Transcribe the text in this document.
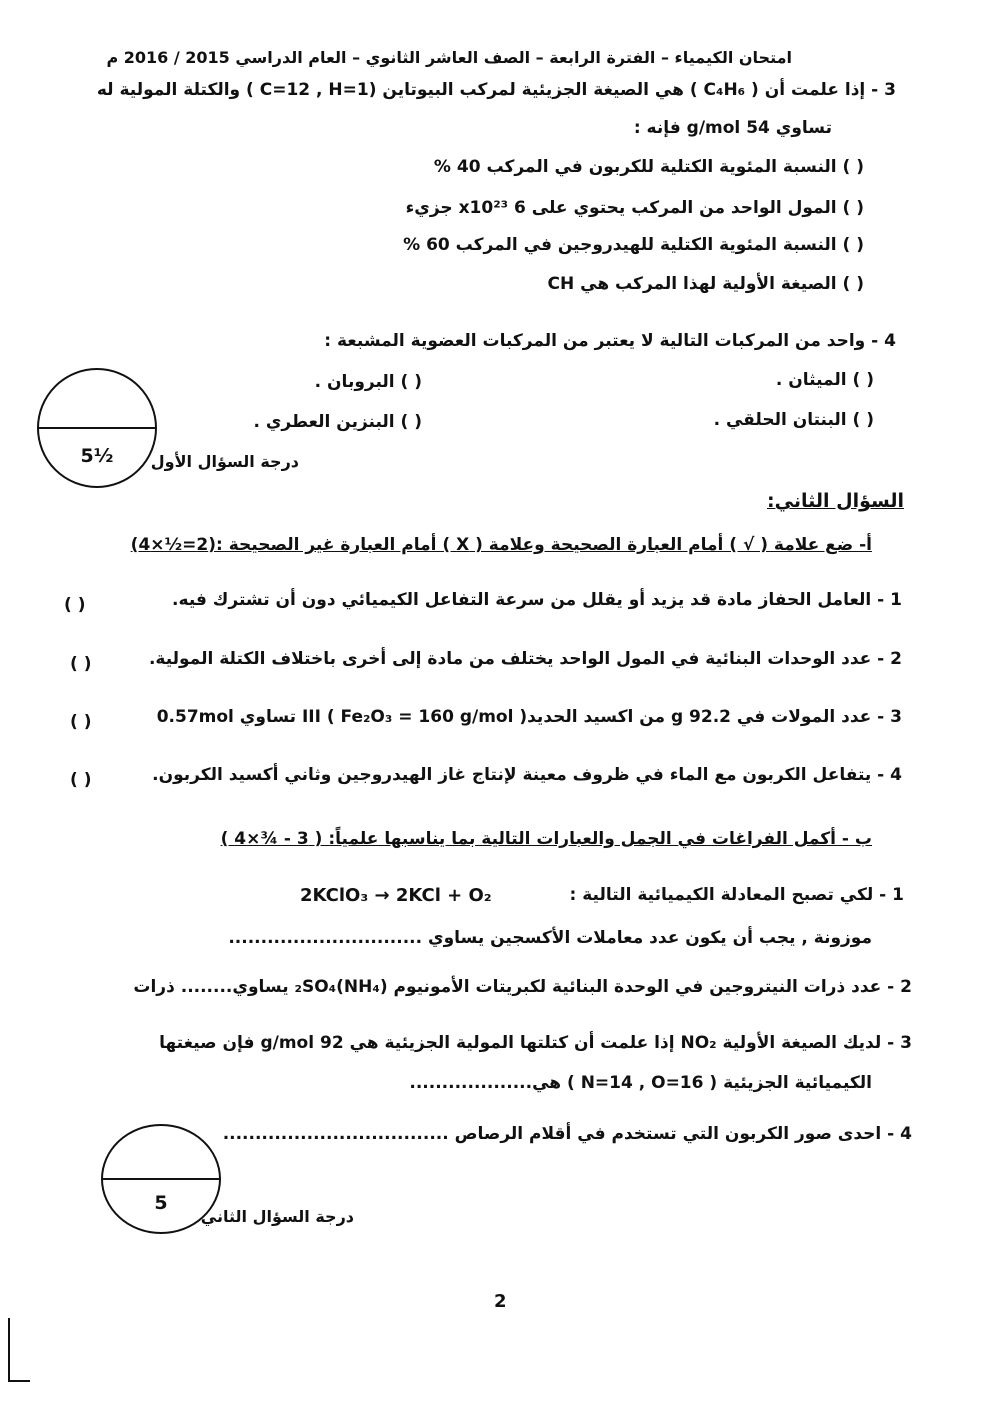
امتحان الكيمياء – الفترة الرابعة – الصف العاشر الثانوي – العام الدراسي 2015 / 2016 م
3 - إذا علمت أن ( C₄H₆ ) هي الصيغة الجزيئية لمركب البيوتاين (C=12 , H=1 ) والكتلة المولية له
تساوي 54 g/mol فإنه :
( ) النسبة المئوية الكتلية للكربون في المركب 40 %
( ) المول الواحد من المركب يحتوي على 6 x10²³ جزيء
( ) النسبة المئوية الكتلية للهيدروجين في المركب 60 %
( ) الصيغة الأولية لهذا المركب هي CH
4 - واحد من المركبات التالية لا يعتبر من المركبات العضوية المشبعة :
( ) الميثان .
( ) البروبان .
( ) البنتان الحلقي .
( ) البنزين العطري .
5½	درجة السؤال الأول
السؤال الثاني:
أ- ضع علامة ( √ ) أمام العبارة الصحيحة وعلامة ( X ) أمام العبارة غير الصحيحة :(2=½×4)
1 - العامل الحفاز مادة قد يزيد أو يقلل من سرعة التفاعل الكيميائي دون أن تشترك فيه.
( )
2 - عدد الوحدات البنائية في المول الواحد يختلف من مادة إلى أخرى باختلاف الكتلة المولية.
( )
3 - عدد المولات في 92.2 g من اكسيد الحديدIII ( Fe₂O₃ = 160 g/mol ) تساوي 0.57mol
( )
4 - يتفاعل الكربون مع الماء في ظروف معينة لإنتاج غاز الهيدروجين وثاني أكسيد الكربون.
( )
ب - أكمل الفراغات في الجمل والعبارات التالية بما يناسبها علمياً: ( 3 - ¾×4 )
1 - لكي تصبح المعادلة الكيميائية التالية :
2KClO₃ → 2KCl + O₂
موزونة , يجب أن يكون عدد معاملات الأكسجين يساوي ..............................
2 - عدد ذرات النيتروجين في الوحدة البنائية لكبريتات الأمونيوم (NH₄)₂SO₄ يساوي........ ذرات
3 - لديك الصيغة الأولية NO₂ إذا علمت أن كتلتها المولية الجزيئية هي 92 g/mol فإن صيغتها
الكيميائية الجزيئية ( N=14 , O=16 ) هي...................
4 - احدى صور الكربون التي تستخدم في أقلام الرصاص ...................................
5
درجة السؤال الثاني
2
